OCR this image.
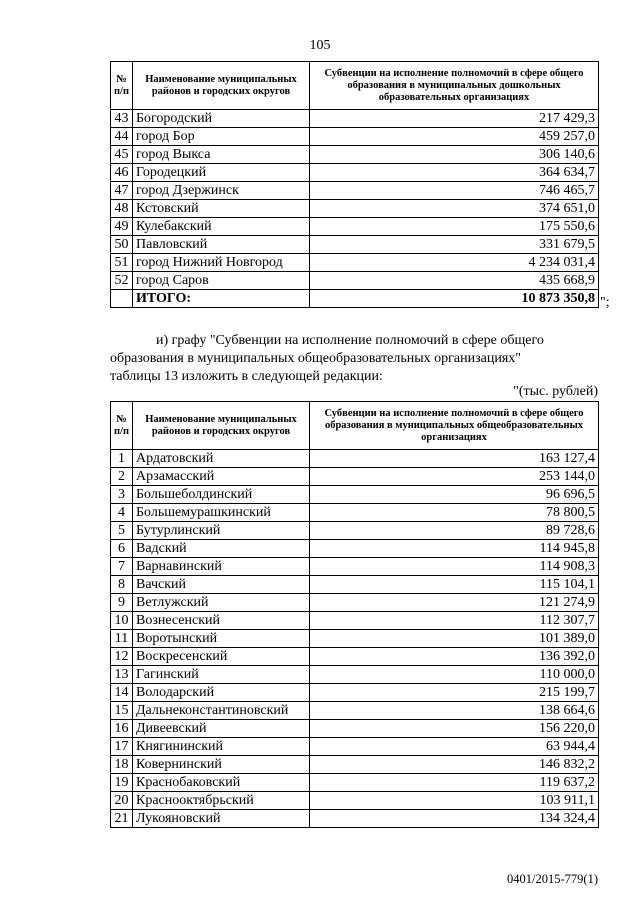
105
№ п/п	Наименование муниципальных районов и городских округов	Субвенции на исполнение полномочий в сфере общего образования в муниципальных дошкольных образовательных организациях
43	Богородский	217 429,3
44	город Бор	459 257,0
45	город Выкса	306 140,6
46	Городецкий	364 634,7
47	город Дзержинск	746 465,7
48	Кстовский	374 651,0
49	Кулебакский	175 550,6
50	Павловский	331 679,5
51	город Нижний Новгород	4 234 031,4
52	город Саров	435 668,9
	ИТОГО:	10 873 350,8 ";
и) графу "Субвенции на исполнение полномочий в сфере общего
образования в муниципальных общеобразовательных организациях"
таблицы 13 изложить в следующей редакции:
"(тыс. рублей)
№ п/п	Наименование муниципальных районов и городских округов	Субвенции на исполнение полномочий в сфере общего образования в муниципальных общеобразовательных организациях
1	Ардатовский	163 127,4
2	Арзамасский	253 144,0
3	Большеболдинский	96 696,5
4	Большемурашкинский	78 800,5
5	Бутурлинский	89 728,6
6	Вадский	114 945,8
7	Варнавинский	114 908,3
8	Вачский	115 104,1
9	Ветлужский	121 274,9
10	Вознесенский	112 307,7
11	Воротынский	101 389,0
12	Воскресенский	136 392,0
13	Гагинский	110 000,0
14	Володарский	215 199,7
15	Дальнеконстантиновский	138 664,6
16	Дивеевский	156 220,0
17	Княгининский	63 944,4
18	Ковернинский	146 832,2
19	Краснобаковский	119 637,2
20	Краснооктябрьский	103 911,1
21	Лукояновский	134 324,4
0401/2015-779(1)
